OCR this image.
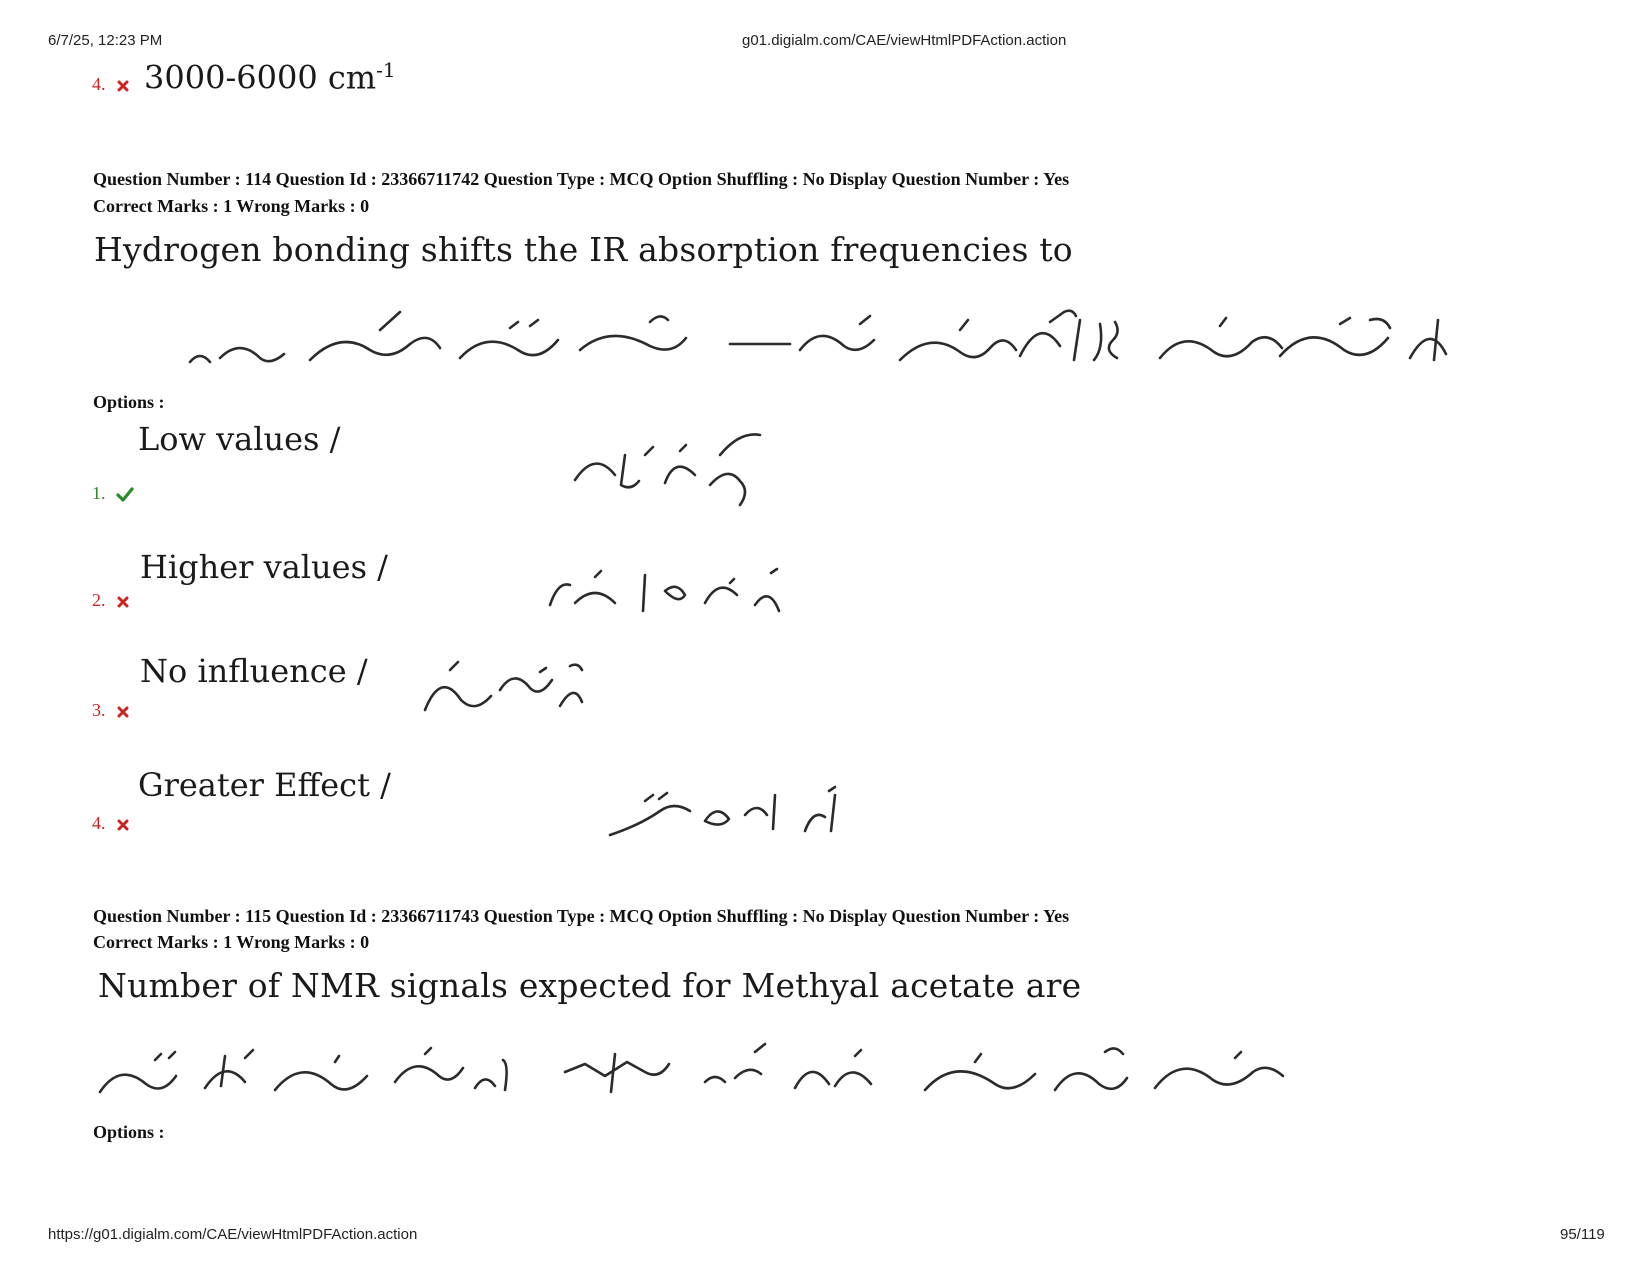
6/7/25, 12:23 PM	g01.digialm.com/CAE/viewHtmlPDFAction.action
4.	3000-6000 $cm^{-1}$
Question Number : 114 Question Id : 23366711742 Question Type : MCQ Option Shuffling : No Display Question Number : Yes
Correct Marks : 1 Wrong Marks : 0
Hydrogen bonding shifts the IR absorption frequencies to
Options :
Low values /
1.
Higher values /
2.
No influence /
3.
Greater Effect /
4.
Question Number : 115 Question Id : 23366711743 Question Type : MCQ Option Shuffling : No Display Question Number : Yes
Correct Marks : 1 Wrong Marks : 0
Number of NMR signals expected for Methyal acetate are
Options :
https://g01.digialm.com/CAE/viewHtmlPDFAction.action	95/119
